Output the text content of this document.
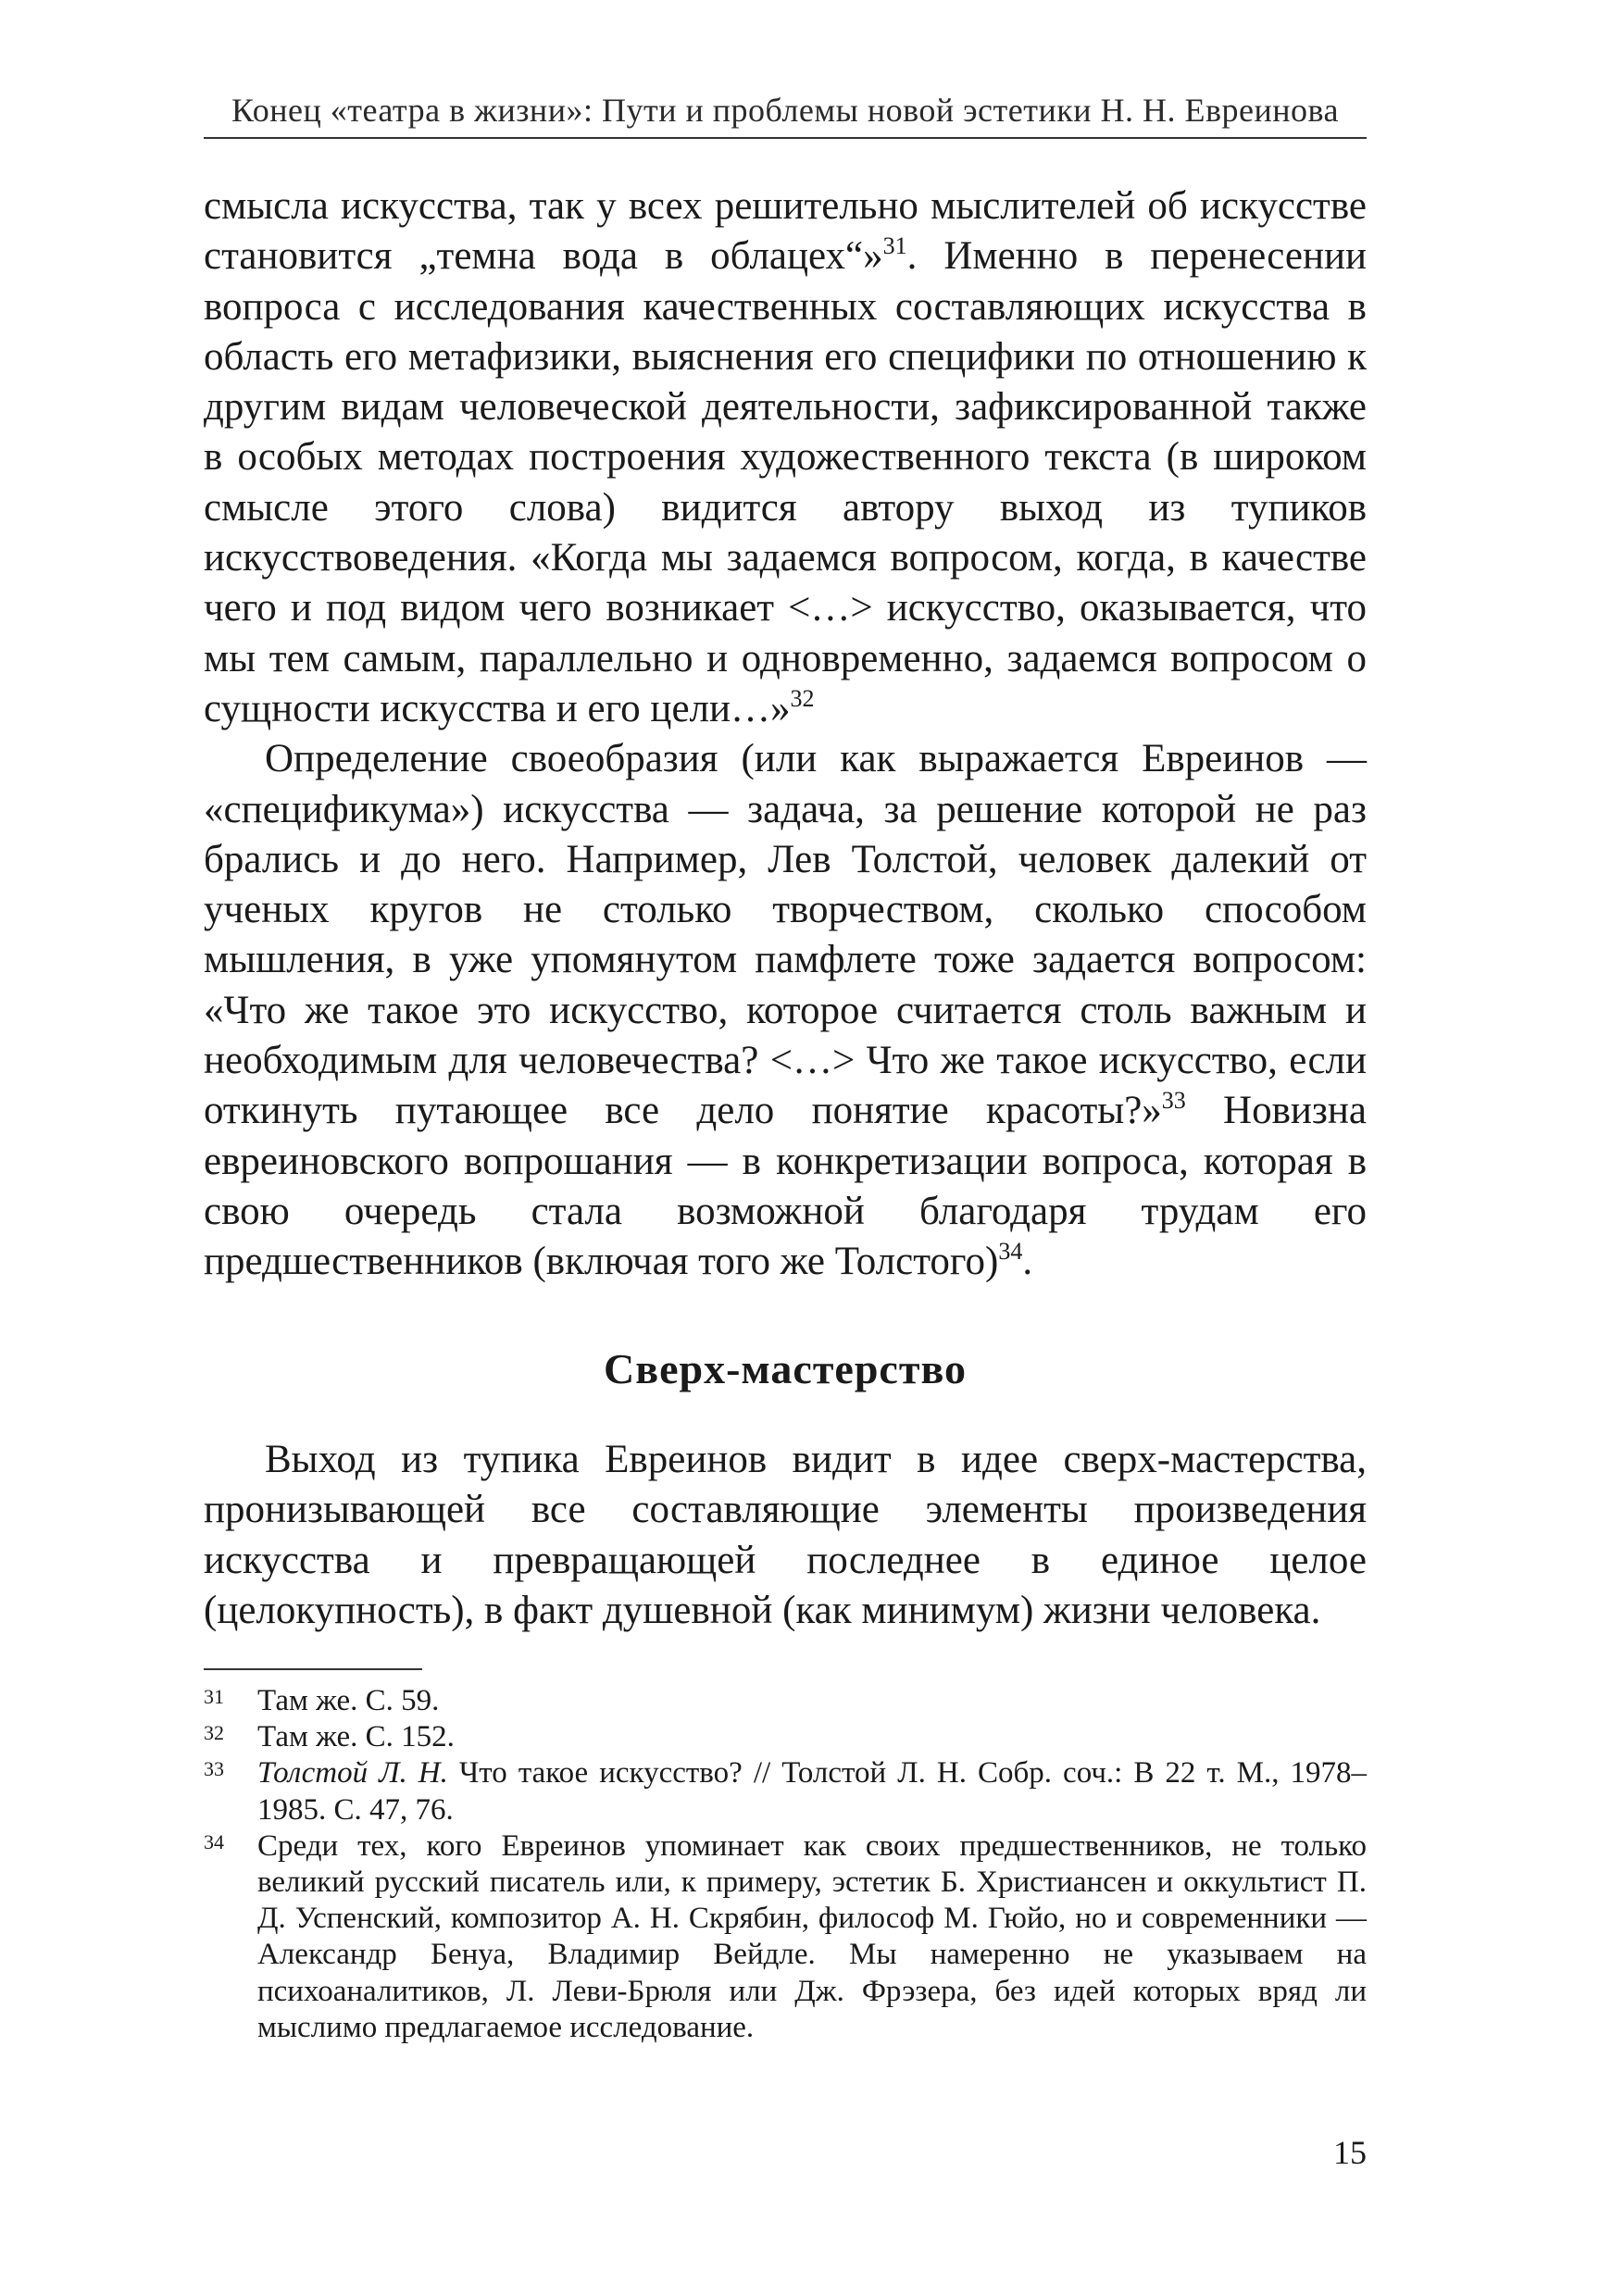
Конец «театра в жизни»: Пути и проблемы новой эстетики Н. Н. Евреинова

смысла искусства, так у всех решительно мыслителей об искусстве становится „темна вода в облацех“»$^{31}$. Именно в перенесении вопроса с исследования качественных составляющих искусства в область его метафизики, выяснения его специфики по отношению к другим видам человеческой деятельности, зафиксированной также в особых методах построения художественного текста (в широком смысле этого слова) видится автору выход из тупиков искусствоведения. «Когда мы задаемся вопросом, когда, в качестве чего и под видом чего возникает <…> искусство, оказывается, что мы тем самым, параллельно и одновременно, задаемся вопросом о сущности искусства и его цели…»$^{32}$

Определение своеобразия (или как выражается Евреинов — «спецификума») искусства — задача, за решение которой не раз брались и до него. Например, Лев Толстой, человек далекий от ученых кругов не столько творчеством, сколько способом мышления, в уже упомянутом памфлете тоже задается вопросом: «Что же такое это искусство, которое считается столь важным и необходимым для человечества? <…> Что же такое искусство, если откинуть путающее все дело понятие красоты?»$^{33}$ Новизна евреиновского вопрошания — в конкретизации вопроса, которая в свою очередь стала возможной благодаря трудам его предшественников (включая того же Толстого)$^{34}$.

Сверх-мастерство

Выход из тупика Евреинов видит в идее сверх-мастерства, пронизывающей все составляющие элементы произведения искусства и превращающей последнее в единое целое (целокупность), в факт душевной (как минимум) жизни человека.

31	Там же. С. 59.
32	Там же. С. 152.
33	Толстой Л. Н. Что такое искусство? // Толстой Л. Н. Собр. соч.: В 22 т. М., 1978–1985. С. 47, 76.
34	Среди тех, кого Евреинов упоминает как своих предшественников, не только великий русский писатель или, к примеру, эстетик Б. Христиансен и оккультист П. Д. Успенский, композитор А. Н. Скрябин, философ М. Гюйо, но и современники — Александр Бенуа, Владимир Вейдле. Мы намеренно не указываем на психоаналитиков, Л. Леви-Брюля или Дж. Фрэзера, без идей которых вряд ли мыслимо предлагаемое исследование.
15
